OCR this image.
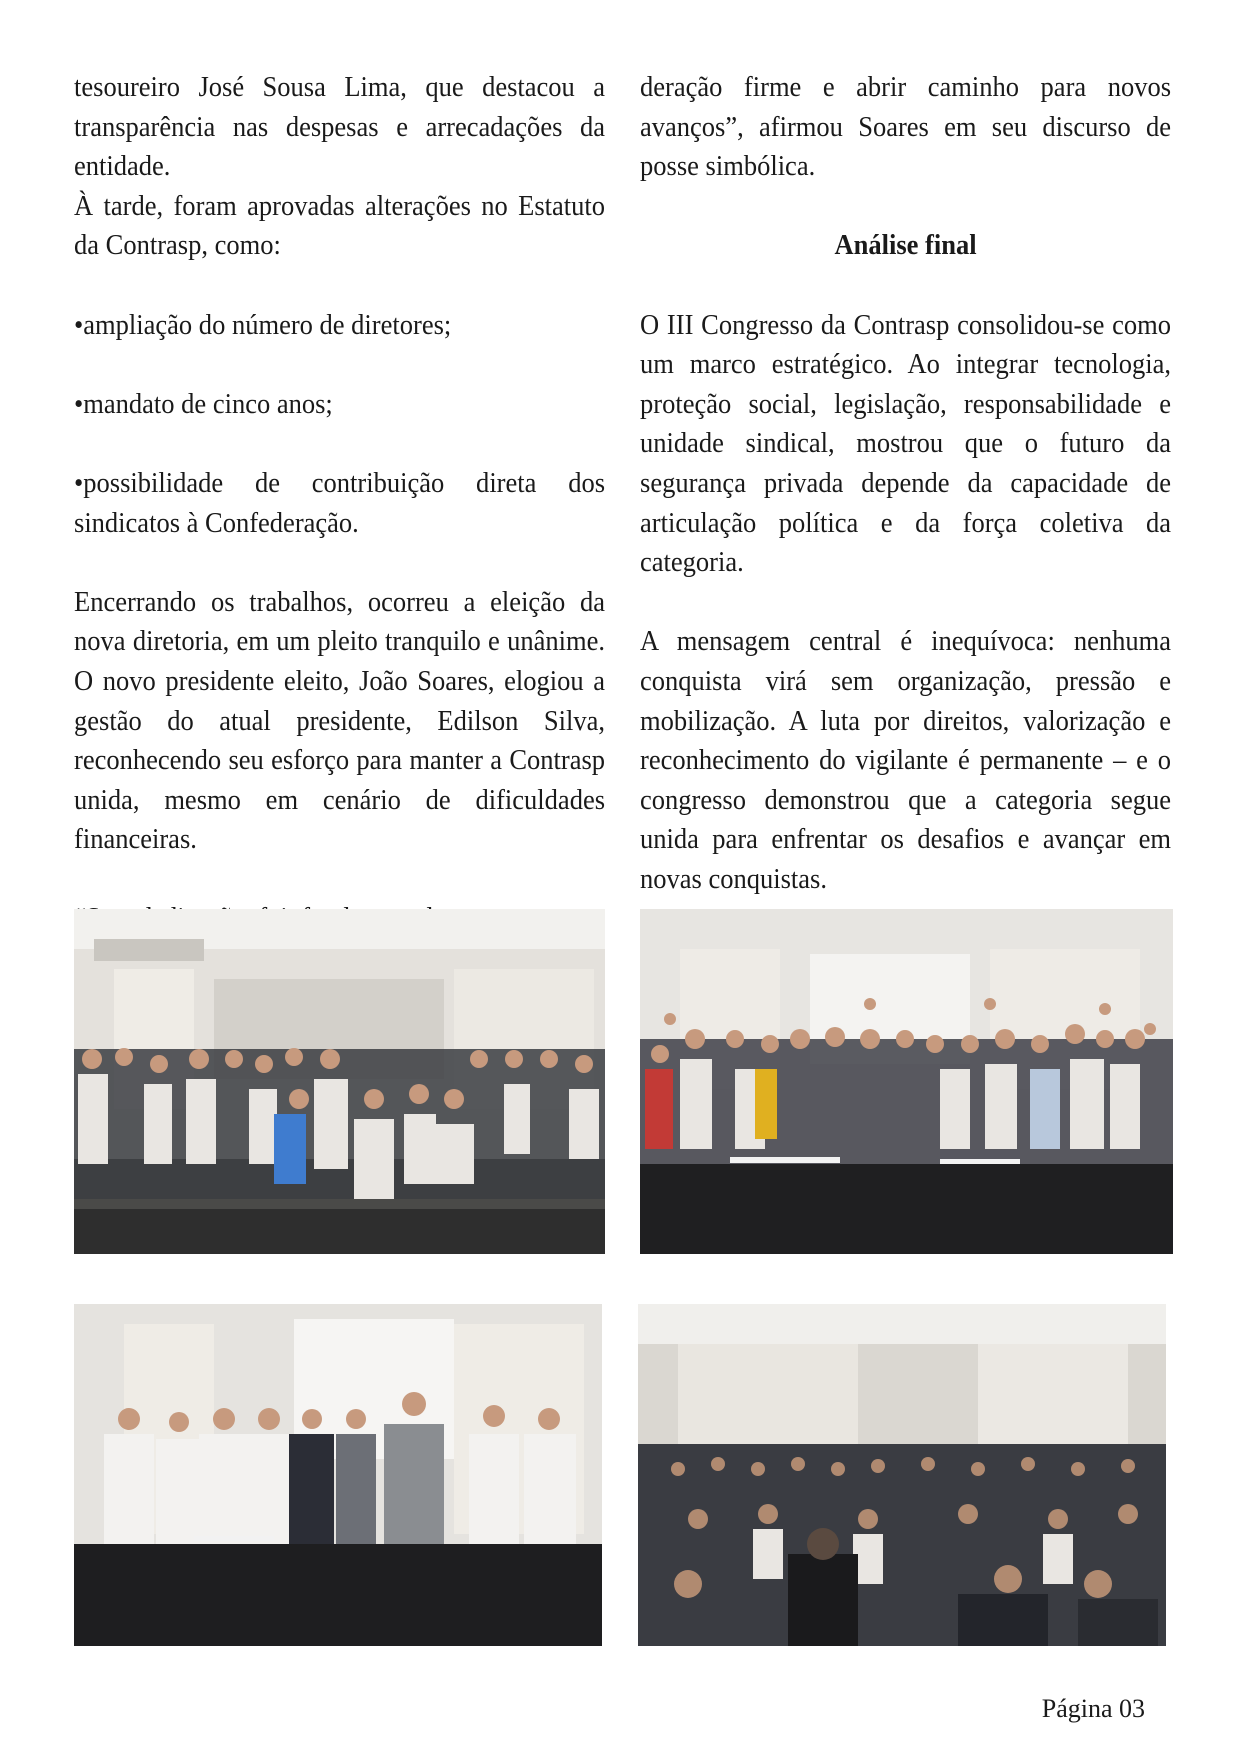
tesoureiro José Sousa Lima, que destacou a transparência nas despesas e arrecadações da entidade.

À tarde, foram aprovadas alterações no Estatuto da Contrasp, como:

•ampliação do número de diretores;

•mandato de cinco anos;

•possibilidade de contribuição direta dos sindicatos à Confederação.

Encerrando os trabalhos, ocorreu a eleição da nova diretoria, em um pleito tranquilo e unânime. O novo presidente eleito, João Soares, elogiou a gestão do atual presidente, Edilson Silva, reconhecendo seu esforço para manter a Contrasp unida, mesmo em cenário de dificuldades financeiras.

deração firme e abrir caminho para novos avanços”, afirmou Soares em seu discurso de posse simbólica.

Análise final

O III Congresso da Contrasp consolidou-se como um marco estratégico. Ao integrar tecnologia, proteção social, legislação, responsabilidade e unidade sindical, mostrou que o futuro da segurança privada depende da capacidade de articulação política e da força coletiva da categoria.

A mensagem central é inequívoca: nenhuma conquista virá sem organização, pressão e mobilização. A luta por direitos, valorização e reconhecimento do vigilante é permanente – e o congresso demonstrou que a categoria segue unida para enfrentar os desafios e avançar em novas conquistas.

Página 03
